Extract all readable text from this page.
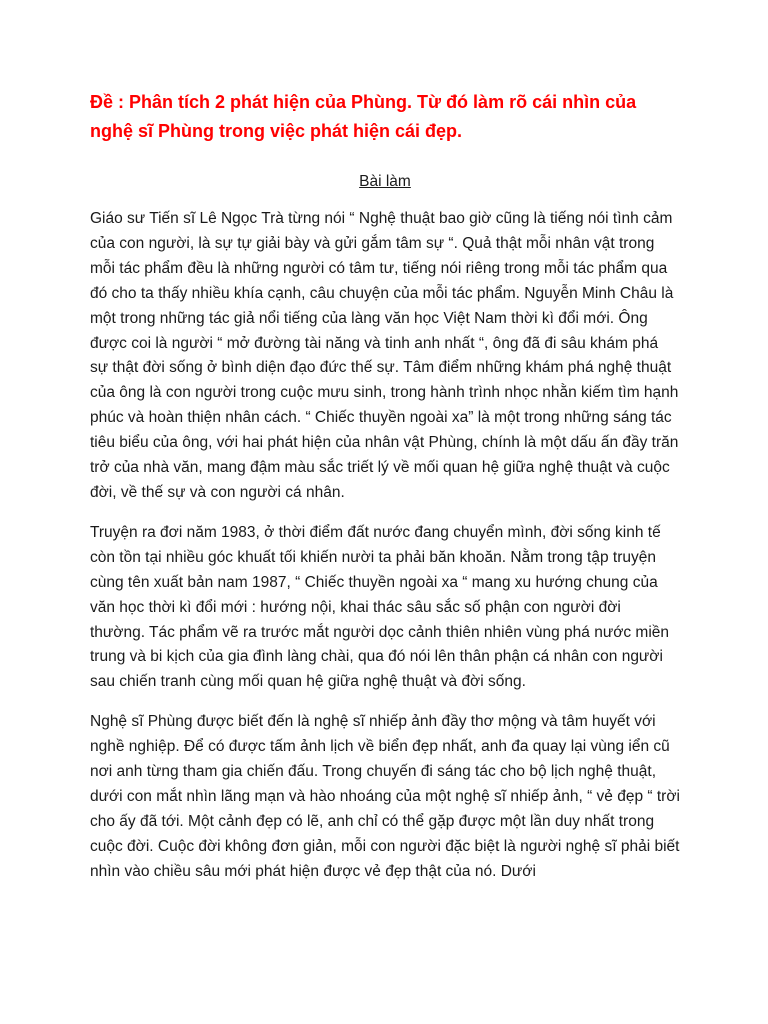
Đề : Phân tích 2 phát hiện của Phùng. Từ đó làm rõ cái nhìn của nghệ sĩ Phùng trong việc phát hiện cái đẹp.

Bài làm

Giáo sư Tiến sĩ Lê Ngọc Trà từng nói “ Nghệ thuật bao giờ cũng là tiếng nói tình cảm của con người, là sự tự giải bày và gửi gắm tâm sự “. Quả thật mỗi nhân vật trong mỗi tác phẩm đều là những người có tâm tư, tiếng nói riêng trong mỗi tác phẩm qua đó cho ta thấy nhiều khía cạnh, câu chuyện của mỗi tác phẩm. Nguyễn Minh Châu là một trong những tác giả nổi tiếng của làng văn học Việt Nam thời kì đổi mới. Ông được coi là người “ mở đường tài năng và tinh anh nhất “, ông đã đi sâu khám phá sự thật đời sống ở bình diện đạo đức thế sự. Tâm điểm những khám phá nghệ thuật của ông là con người trong cuộc mưu sinh, trong hành trình nhọc nhằn kiếm tìm hạnh phúc và hoàn thiện nhân cách. “ Chiếc thuyền ngoài xa” là một trong những sáng tác tiêu biểu của ông, với hai phát hiện của nhân vật Phùng, chính là một dấu ấn đầy trăn trở của nhà văn, mang đậm màu sắc triết lý về mối quan hệ giữa nghệ thuật và cuộc đời, về thế sự và con người cá nhân.

Truyện ra đơi năm 1983, ở thời điểm đất nước đang chuyển mình, đời sống kinh tế còn tồn tại nhiều góc khuất tối khiến nười ta phải băn khoăn. Nằm trong tập truyện cùng tên xuất bản nam 1987, “ Chiếc thuyền ngoài xa “ mang xu hướng chung của văn học thời kì đổi mới : hướng nội, khai thác sâu sắc số phận con người đời thường. Tác phẩm vẽ ra trước mắt người dọc cảnh thiên nhiên vùng phá nước miền trung và bi kịch của gia đình làng chài, qua đó nói lên thân phận cá nhân con người sau chiến tranh cùng mối quan hệ giữa nghệ thuật và đời sống.

Nghệ sĩ Phùng được biết đến là nghệ sĩ nhiếp ảnh đầy thơ mộng và tâm huyết với nghề nghiệp. Để có được tấm ảnh lịch về biển đẹp nhất, anh đa quay lại vùng iển cũ nơi anh từng tham gia chiến đấu. Trong chuyến đi sáng tác cho bộ lịch nghệ thuật, dưới con mắt nhìn lãng mạn và hào nhoáng của một nghệ sĩ nhiếp ảnh, “ vẻ đẹp “ trời cho ấy đã tới. Một cảnh đẹp có lẽ, anh chỉ có thể gặp được một lần duy nhất trong cuộc đời. Cuộc đời không đơn giản, mỗi con người đặc biệt là người nghệ sĩ phải biết nhìn vào chiều sâu mới phát hiện được vẻ đẹp thật của nó. Dưới
